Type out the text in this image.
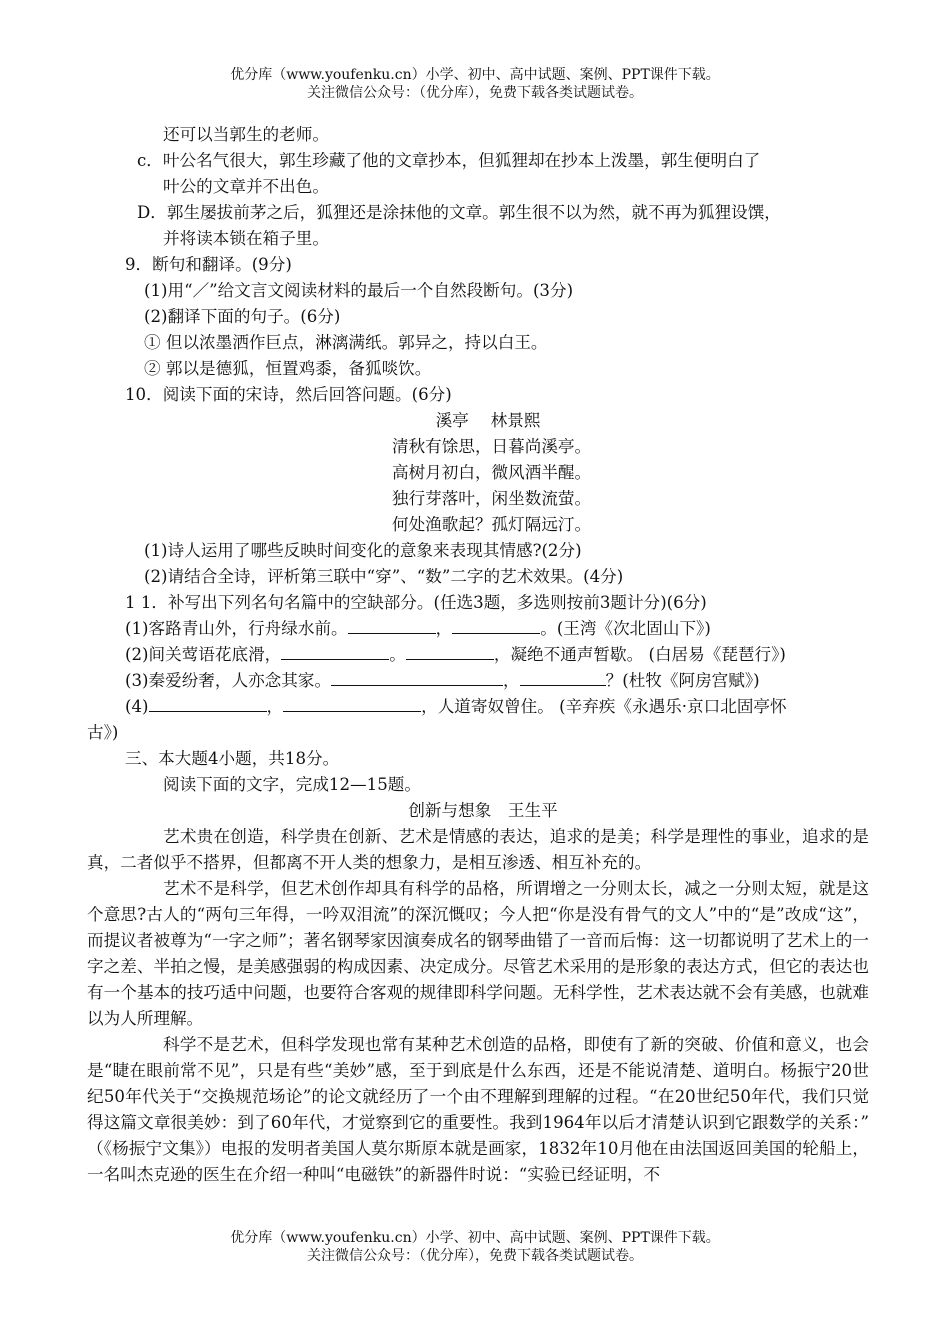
优分库（www.youfenku.cn）小学、初中、高中试题、案例、PPT课件下载。
关注微信公众号：（优分库），免费下载各类试题试卷。
还可以当郭生的老师。
c．叶公名气很大，郭生珍藏了他的文章抄本，但狐狸却在抄本上泼墨，郭生便明白了
叶公的文章并不出色。
D．郭生屡拔前茅之后，狐狸还是涂抹他的文章。郭生很不以为然，就不再为狐狸设馔，
并将读本锁在箱子里。
9．断句和翻译。(9分)
(1)用“／”给文言文阅读材料的最后一个自然段断句。(3分)
(2)翻译下面的句子。(6分)
① 但以浓墨洒作巨点，淋漓满纸。郭异之，持以白王。
② 郭以是德狐，恒置鸡黍，备狐啖饮。
10．阅读下面的宋诗，然后回答问题。(6分)
溪亭　 林景熙
清秋有馀思，日暮尚溪亭。
高树月初白，微风酒半醒。
独行芽落叶，闲坐数流萤。
何处渔歌起？孤灯隔远汀。
(1)诗人运用了哪些反映时间变化的意象来表现其情感?(2分)
(2)请结合全诗，评析第三联中“穿”、“数”二字的艺术效果。(4分)
1 1．补写出下列名句名篇中的空缺部分。(任选3题，多选则按前3题计分)(6分)
(1)客路青山外，行舟绿水前。	，	。(王湾《次北固山下》)
(2)间关莺语花底滑，	。	，凝绝不通声暂歇。 (白居易《琵琶行》)
(3)秦爱纷奢，人亦念其家。	，	？(杜牧《阿房宫赋》)
(4)	，	，人道寄奴曾住。 (辛弃疾《永遇乐·京口北固亭怀
古》)
三、本大题4小题，共18分。
阅读下面的文字，完成12—15题。
创新与想象　王生平
艺术贵在创造，科学贵在创新、艺术是情感的表达，追求的是美；科学是理性的事业，追求的是真，二者似乎不搭界，但都离不开人类的想象力，是相互渗透、相互补充的。
艺术不是科学，但艺术创作却具有科学的品格，所谓增之一分则太长，减之一分则太短，就是这个意思?古人的“两句三年得，一吟双泪流”的深沉慨叹；今人把“你是没有骨气的文人”中的“是”改成“这”，而提议者被尊为“一字之师”；著名钢琴家因演奏成名的钢琴曲错了一音而后悔：这一切都说明了艺术上的一字之差、半拍之慢，是美感强弱的构成因素、决定成分。尽管艺术采用的是形象的表达方式，但它的表达也有一个基本的技巧适中问题，也要符合客观的规律即科学问题。无科学性，艺术表达就不会有美感，也就难以为人所理解。
科学不是艺术，但科学发现也常有某种艺术创造的品格，即使有了新的突破、价值和意义，也会是“睫在眼前常不见”，只是有些“美妙”感，至于到底是什么东西，还是不能说清楚、道明白。杨振宁20世纪50年代关于“交换规范场论”的论文就经历了一个由不理解到理解的过程。“在20世纪50年代，我们只觉得这篇文章很美妙：到了60年代，才觉察到它的重要性。我到1964年以后才清楚认识到它跟数学的关系：”　（《杨振宁文集》）电报的发明者美国人莫尔斯原本就是画家，1832年10月他在由法国返回美国的轮船上，一名叫杰克逊的医生在介绍一种叫“电磁铁”的新器件时说：“实验已经证明，不
优分库（www.youfenku.cn）小学、初中、高中试题、案例、PPT课件下载。
关注微信公众号：（优分库），免费下载各类试题试卷。
